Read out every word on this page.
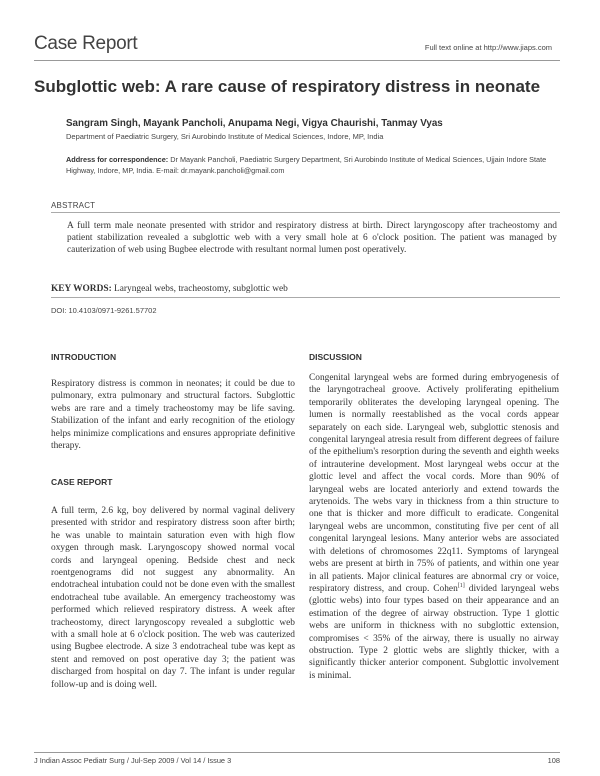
Case Report	Full text online at http://www.jiaps.com
Subglottic web: A rare cause of respiratory distress in neonate
Sangram Singh, Mayank Pancholi, Anupama Negi, Vigya Chaurishi, Tanmay Vyas
Department of Paediatric Surgery, Sri Aurobindo Institute of Medical Sciences, Indore, MP, India
Address for correspondence: Dr Mayank Pancholi, Paediatric Surgery Department, Sri Aurobindo Institute of Medical Sciences, Ujjain Indore State Highway, Indore, MP, India. E-mail: dr.mayank.pancholi@gmail.com
ABSTRACT
A full term male neonate presented with stridor and respiratory distress at birth. Direct laryngoscopy after tracheostomy and patient stabilization revealed a subglottic web with a very small hole at 6 o'clock position. The patient was managed by cauterization of web using Bugbee electrode with resultant normal lumen post operatively.
KEY WORDS: Laryngeal webs, tracheostomy, subglottic web
DOI: 10.4103/0971-9261.57702
INTRODUCTION
Respiratory distress is common in neonates; it could be due to pulmonary, extra pulmonary and structural factors. Subglottic webs are rare and a timely tracheostomy may be life saving. Stabilization of the infant and early recognition of the etiology helps minimize complications and ensures appropriate definitive therapy.
CASE REPORT
A full term, 2.6 kg, boy delivered by normal vaginal delivery presented with stridor and respiratory distress soon after birth; he was unable to maintain saturation even with high flow oxygen through mask. Laryngoscopy showed normal vocal cords and laryngeal opening. Bedside chest and neck roentgenograms did not suggest any abnormality. An endotracheal intubation could not be done even with the smallest endotracheal tube available. An emergency tracheostomy was performed which relieved respiratory distress. A week after tracheostomy, direct laryngoscopy revealed a subglottic web with a small hole at 6 o'clock position. The web was cauterized using Bugbee electrode. A size 3 endotracheal tube was kept as stent and removed on post operative day 3; the patient was discharged from hospital on day 7. The infant is under regular follow-up and is doing well.
DISCUSSION
Congenital laryngeal webs are formed during embryogenesis of the laryngotracheal groove. Actively proliferating epithelium temporarily obliterates the developing laryngeal opening. The lumen is normally reestablished as the vocal cords appear separately on each side. Laryngeal web, subglottic stenosis and congenital laryngeal atresia result from different degrees of failure of the epithelium's resorption during the seventh and eighth weeks of intrauterine development. Most laryngeal webs occur at the glottic level and affect the vocal cords. More than 90% of laryngeal webs are located anteriorly and extend towards the arytenoids. The webs vary in thickness from a thin structure to one that is thicker and more difficult to eradicate. Congenital laryngeal webs are uncommon, constituting five per cent of all congenital laryngeal lesions. Many anterior webs are associated with deletions of chromosomes 22q11. Symptoms of laryngeal webs are present at birth in 75% of patients, and within one year in all patients. Major clinical features are abnormal cry or voice, respiratory distress, and croup. Cohen[1] divided laryngeal webs (glottic webs) into four types based on their appearance and an estimation of the degree of airway obstruction. Type 1 glottic webs are uniform in thickness with no subglottic extension, compromises < 35% of the airway, there is usually no airway obstruction. Type 2 glottic webs are slightly thicker, with a significantly thicker anterior component. Subglottic involvement is minimal.
J Indian Assoc Pediatr Surg / Jul-Sep 2009 / Vol 14 / Issue 3	108
